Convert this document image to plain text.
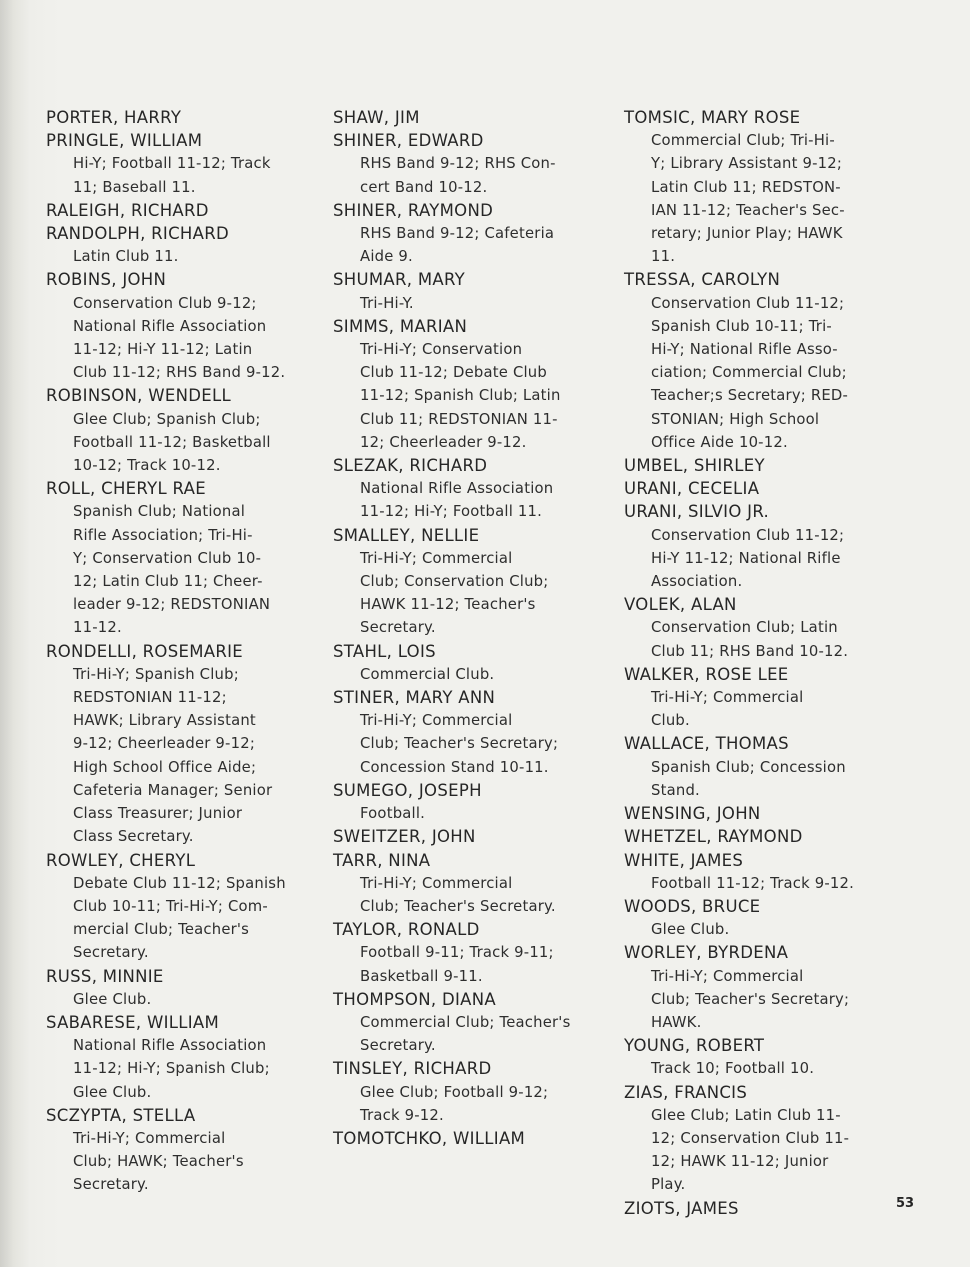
PORTER, HARRY
PRINGLE, WILLIAM
Hi-Y; Football 11-12; Track
11; Baseball 11.
RALEIGH, RICHARD
RANDOLPH, RICHARD
Latin Club 11.
ROBINS, JOHN
Conservation Club 9-12;
National Rifle Association
11-12; Hi-Y 11-12; Latin
Club 11-12; RHS Band 9-12.
ROBINSON, WENDELL
Glee Club; Spanish Club;
Football 11-12; Basketball
10-12; Track 10-12.
ROLL, CHERYL RAE
Spanish Club; National
Rifle Association; Tri-Hi-
Y; Conservation Club 10-
12; Latin Club 11; Cheer-
leader 9-12; REDSTONIAN
11-12.
RONDELLI, ROSEMARIE
Tri-Hi-Y; Spanish Club;
REDSTONIAN 11-12;
HAWK; Library Assistant
9-12; Cheerleader 9-12;
High School Office Aide;
Cafeteria Manager; Senior
Class Treasurer; Junior
Class Secretary.
ROWLEY, CHERYL
Debate Club 11-12; Spanish
Club 10-11; Tri-Hi-Y; Com-
mercial Club; Teacher's
Secretary.
RUSS, MINNIE
Glee Club.
SABARESE, WILLIAM
National Rifle Association
11-12; Hi-Y; Spanish Club;
Glee Club.
SCZYPTA, STELLA
Tri-Hi-Y; Commercial
Club; HAWK; Teacher's
Secretary.
SHAW, JIM
SHINER, EDWARD
RHS Band 9-12; RHS Con-
cert Band 10-12.
SHINER, RAYMOND
RHS Band 9-12; Cafeteria
Aide 9.
SHUMAR, MARY
Tri-Hi-Y.
SIMMS, MARIAN
Tri-Hi-Y; Conservation
Club 11-12; Debate Club
11-12; Spanish Club; Latin
Club 11; REDSTONIAN 11-
12; Cheerleader 9-12.
SLEZAK, RICHARD
National Rifle Association
11-12; Hi-Y; Football 11.
SMALLEY, NELLIE
Tri-Hi-Y; Commercial
Club; Conservation Club;
HAWK 11-12; Teacher's
Secretary.
STAHL, LOIS
Commercial Club.
STINER, MARY ANN
Tri-Hi-Y; Commercial
Club; Teacher's Secretary;
Concession Stand 10-11.
SUMEGO, JOSEPH
Football.
SWEITZER, JOHN
TARR, NINA
Tri-Hi-Y; Commercial
Club; Teacher's Secretary.
TAYLOR, RONALD
Football 9-11; Track 9-11;
Basketball 9-11.
THOMPSON, DIANA
Commercial Club; Teacher's
Secretary.
TINSLEY, RICHARD
Glee Club; Football 9-12;
Track 9-12.
TOMOTCHKO, WILLIAM
TOMSIC, MARY ROSE
Commercial Club; Tri-Hi-
Y; Library Assistant 9-12;
Latin Club 11; REDSTON-
IAN 11-12; Teacher's Sec-
retary; Junior Play; HAWK
11.
TRESSA, CAROLYN
Conservation Club 11-12;
Spanish Club 10-11; Tri-
Hi-Y; National Rifle Asso-
ciation; Commercial Club;
Teacher;s Secretary; RED-
STONIAN; High School
Office Aide 10-12.
UMBEL, SHIRLEY
URANI, CECELIA
URANI, SILVIO JR.
Conservation Club 11-12;
Hi-Y 11-12; National Rifle
Association.
VOLEK, ALAN
Conservation Club; Latin
Club 11; RHS Band 10-12.
WALKER, ROSE LEE
Tri-Hi-Y; Commercial
Club.
WALLACE, THOMAS
Spanish Club; Concession
Stand.
WENSING, JOHN
WHETZEL, RAYMOND
WHITE, JAMES
Football 11-12; Track 9-12.
WOODS, BRUCE
Glee Club.
WORLEY, BYRDENA
Tri-Hi-Y; Commercial
Club; Teacher's Secretary;
HAWK.
YOUNG, ROBERT
Track 10; Football 10.
ZIAS, FRANCIS
Glee Club; Latin Club 11-
12; Conservation Club 11-
12; HAWK 11-12; Junior
Play.
ZIOTS, JAMES	53
